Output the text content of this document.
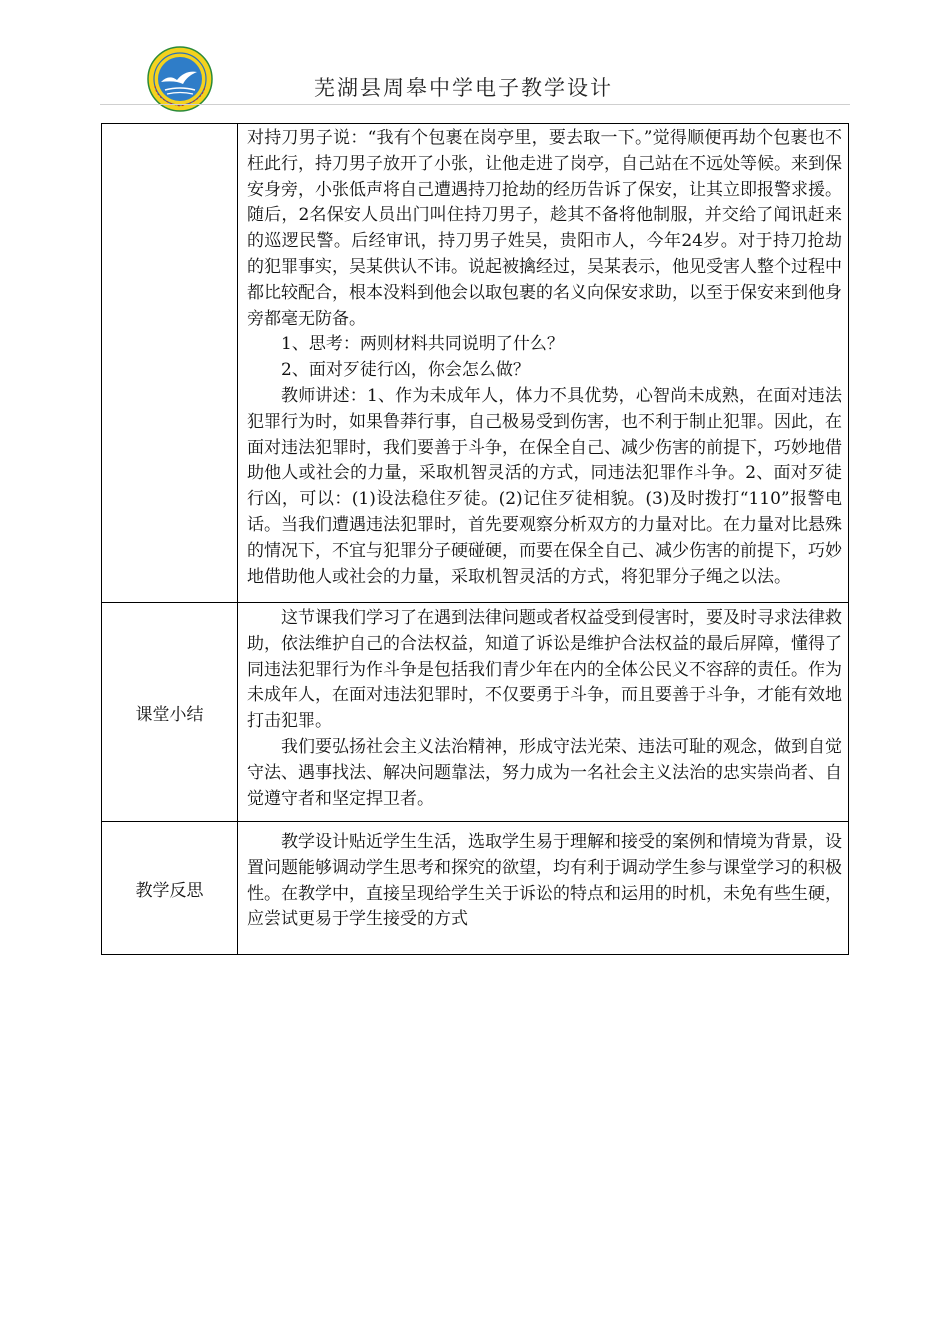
芜湖县周皋中学电子教学设计

	对持刀男子说：“我有个包裹在岗亭里，要去取一下。”觉得顺便再劫个包裹也不枉此行，持刀男子放开了小张，让他走进了岗亭，自己站在不远处等候。来到保安身旁，小张低声将自己遭遇持刀抢劫的经历告诉了保安，让其立即报警求援。随后，2名保安人员出门叫住持刀男子，趁其不备将他制服，并交给了闻讯赶来的巡逻民警。后经审讯，持刀男子姓吴，贵阳市人，今年24岁。对于持刀抢劫的犯罪事实，吴某供认不讳。说起被擒经过，吴某表示，他见受害人整个过程中都比较配合，根本没料到他会以取包裹的名义向保安求助，以至于保安来到他身旁都毫无防备。

1、思考：两则材料共同说明了什么？

2、面对歹徒行凶，你会怎么做？

教师讲述：1、作为未成年人，体力不具优势，心智尚未成熟，在面对违法犯罪行为时，如果鲁莽行事，自己极易受到伤害，也不利于制止犯罪。因此，在面对违法犯罪时，我们要善于斗争，在保全自己、减少伤害的前提下，巧妙地借助他人或社会的力量，采取机智灵活的方式，同违法犯罪作斗争。2、面对歹徒行凶，可以：(1)设法稳住歹徒。(2)记住歹徒相貌。(3)及时拨打“110”报警电话。当我们遭遇违法犯罪时，首先要观察分析双方的力量对比。在力量对比悬殊的情况下，不宜与犯罪分子硬碰硬，而要在保全自己、减少伤害的前提下，巧妙地借助他人或社会的力量，采取机智灵活的方式，将犯罪分子绳之以法。

课堂小结	这节课我们学习了在遇到法律问题或者权益受到侵害时，要及时寻求法律救助，依法维护自己的合法权益，知道了诉讼是维护合法权益的最后屏障，懂得了同违法犯罪行为作斗争是包括我们青少年在内的全体公民义不容辞的责任。作为未成年人，在面对违法犯罪时，不仅要勇于斗争，而且要善于斗争，才能有效地打击犯罪。

我们要弘扬社会主义法治精神，形成守法光荣、违法可耻的观念，做到自觉守法、遇事找法、解决问题靠法，努力成为一名社会主义法治的忠实崇尚者、自觉遵守者和坚定捍卫者。

教学反思	教学设计贴近学生生活，选取学生易于理解和接受的案例和情境为背景，设置问题能够调动学生思考和探究的欲望，均有利于调动学生参与课堂学习的积极性。在教学中，直接呈现给学生关于诉讼的特点和运用的时机，未免有些生硬，应尝试更易于学生接受的方式
